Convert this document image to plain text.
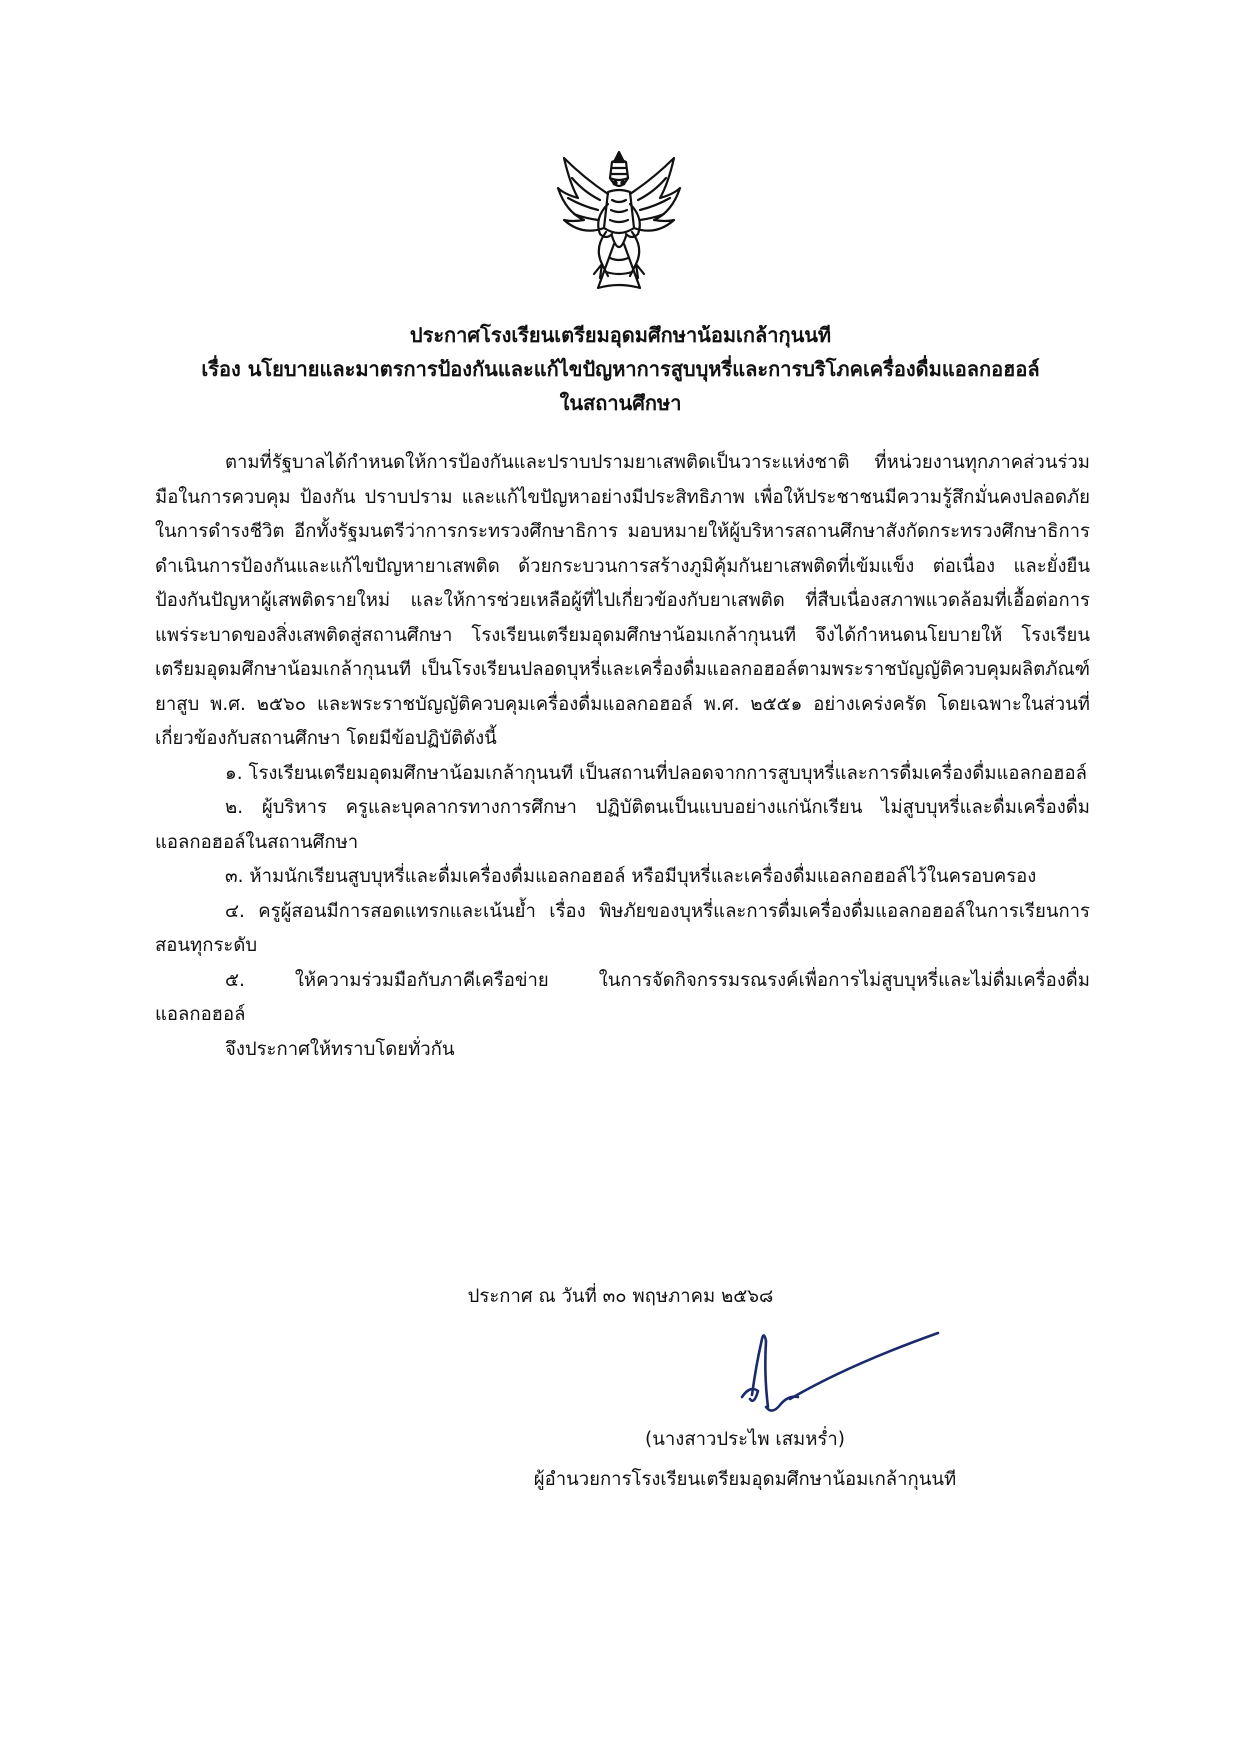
ประกาศโรงเรียนเตรียมอุดมศึกษาน้อมเกล้ากุนนที
เรื่อง นโยบายและมาตรการป้องกันและแก้ไขปัญหาการสูบบุหรี่และการบริโภคเครื่องดื่มแอลกอฮอล์
ในสถานศึกษา

ตามที่รัฐบาลได้กำหนดให้การป้องกันและปราบปรามยาเสพติดเป็นวาระแห่งชาติ ที่หน่วยงานทุกภาคส่วนร่วมมือในการควบคุม ป้องกัน ปราบปราม และแก้ไขปัญหาอย่างมีประสิทธิภาพ เพื่อให้ประชาชนมีความรู้สึกมั่นคงปลอดภัยในการดำรงชีวิต อีกทั้งรัฐมนตรีว่าการกระทรวงศึกษาธิการ มอบหมายให้ผู้บริหารสถานศึกษาสังกัดกระทรวงศึกษาธิการ ดำเนินการป้องกันและแก้ไขปัญหายาเสพติด ด้วยกระบวนการสร้างภูมิคุ้มกันยาเสพติดที่เข้มแข็ง ต่อเนื่อง และยั่งยืน ป้องกันปัญหาผู้เสพติดรายใหม่ และให้การช่วยเหลือผู้ที่ไปเกี่ยวข้องกับยาเสพติด ที่สืบเนื่องสภาพแวดล้อมที่เอื้อต่อการแพร่ระบาดของสิ่งเสพติดสู่สถานศึกษา โรงเรียนเตรียมอุดมศึกษาน้อมเกล้ากุนนที จึงได้กำหนดนโยบายให้ โรงเรียนเตรียมอุดมศึกษาน้อมเกล้ากุนนที เป็นโรงเรียนปลอดบุหรี่และเครื่องดื่มแอลกอฮอล์ตามพระราชบัญญัติควบคุมผลิตภัณฑ์ยาสูบ พ.ศ. ๒๕๖๐ และพระราชบัญญัติควบคุมเครื่องดื่มแอลกอฮอล์ พ.ศ. ๒๕๕๑ อย่างเคร่งครัด โดยเฉพาะในส่วนที่เกี่ยวข้องกับสถานศึกษา โดยมีข้อปฏิบัติดังนี้

๑. โรงเรียนเตรียมอุดมศึกษาน้อมเกล้ากุนนที เป็นสถานที่ปลอดจากการสูบบุหรี่และการดื่มเครื่องดื่มแอลกอฮอล์

๒. ผู้บริหาร ครูและบุคลากรทางการศึกษา ปฏิบัติตนเป็นแบบอย่างแก่นักเรียน ไม่สูบบุหรี่และดื่มเครื่องดื่มแอลกอฮอล์ในสถานศึกษา

๓. ห้ามนักเรียนสูบบุหรี่และดื่มเครื่องดื่มแอลกอฮอล์ หรือมีบุหรี่และเครื่องดื่มแอลกอฮอล์ไว้ในครอบครอง

๔. ครูผู้สอนมีการสอดแทรกและเน้นย้ำ เรื่อง พิษภัยของบุหรี่และการดื่มเครื่องดื่มแอลกอฮอล์ในการเรียนการสอนทุกระดับ

๕. ให้ความร่วมมือกับภาคีเครือข่าย ในการจัดกิจกรรมรณรงค์เพื่อการไม่สูบบุหรี่และไม่ดื่มเครื่องดื่มแอลกอฮอล์

จึงประกาศให้ทราบโดยทั่วกัน

ประกาศ ณ วันที่ ๓๐ พฤษภาคม ๒๕๖๘
(นางสาวประไพ เสมหร่ำ)
ผู้อำนวยการโรงเรียนเตรียมอุดมศึกษาน้อมเกล้ากุนนที
